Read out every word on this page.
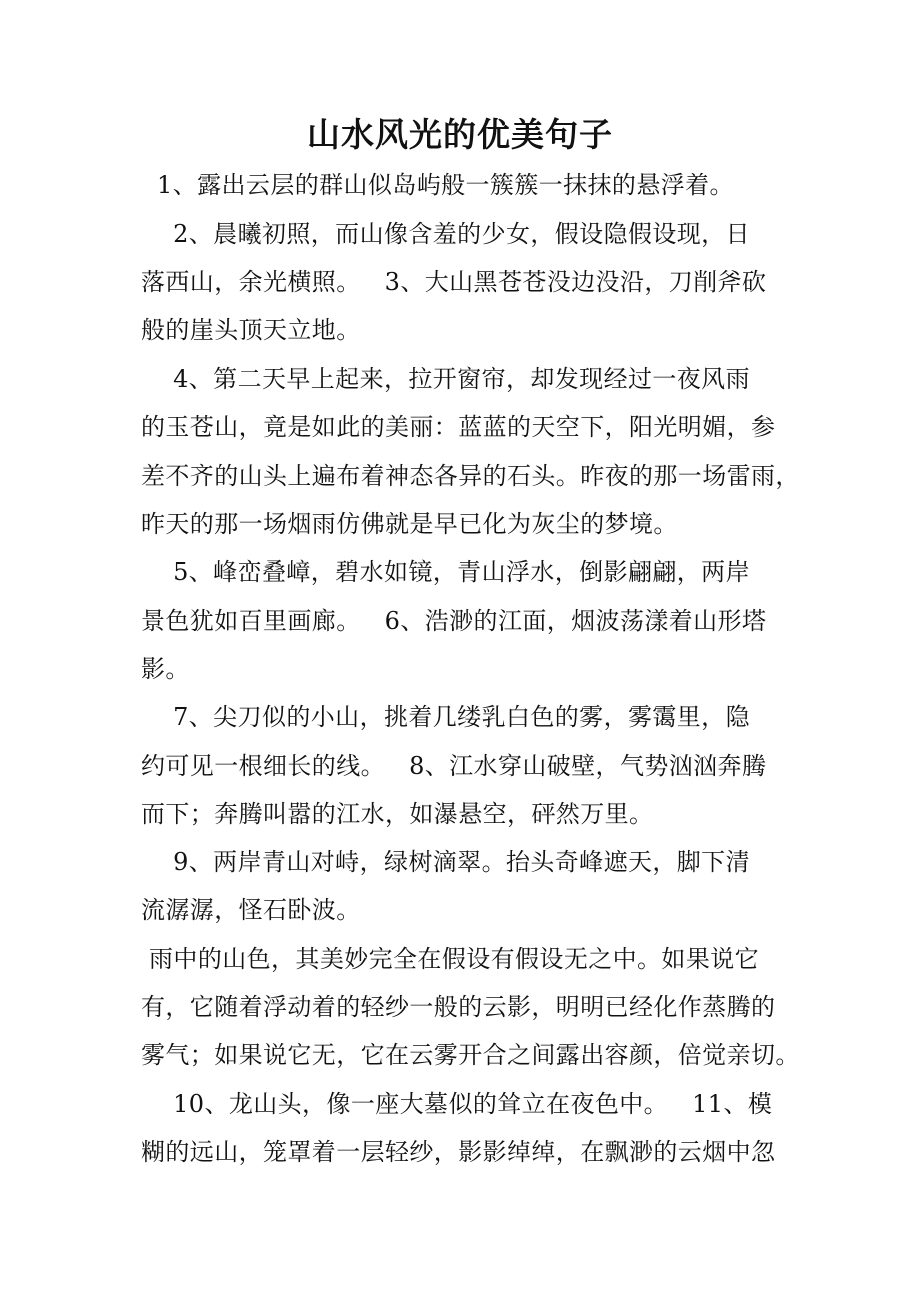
山水风光的优美句子
1、露出云层的群山似岛屿般一簇簇一抹抹的悬浮着。
2、晨曦初照，而山像含羞的少女，假设隐假设现，日
落西山，余光横照。   3、大山黑苍苍没边没沿，刀削斧砍
般的崖头顶天立地。
4、第二天早上起来，拉开窗帘，却发现经过一夜风雨
的玉苍山，竟是如此的美丽：蓝蓝的天空下，阳光明媚，参
差不齐的山头上遍布着神态各异的石头。昨夜的那一场雷雨，
昨天的那一场烟雨仿佛就是早已化为灰尘的梦境。
5、峰峦叠嶂，碧水如镜，青山浮水，倒影翩翩，两岸
景色犹如百里画廊。   6、浩渺的江面，烟波荡漾着山形塔
影。
7、尖刀似的小山，挑着几缕乳白色的雾，雾霭里，隐
约可见一根细长的线。   8、江水穿山破壁，气势汹汹奔腾
而下；奔腾叫嚣的江水，如瀑悬空，砰然万里。
9、两岸青山对峙，绿树滴翠。抬头奇峰遮天，脚下清
流潺潺，怪石卧波。
雨中的山色，其美妙完全在假设有假设无之中。如果说它
有，它随着浮动着的轻纱一般的云影，明明已经化作蒸腾的
雾气；如果说它无，它在云雾开合之间露出容颜，倍觉亲切。
10、龙山头，像一座大墓似的耸立在夜色中。   11、模
糊的远山，笼罩着一层轻纱，影影绰绰，在飘渺的云烟中忽
